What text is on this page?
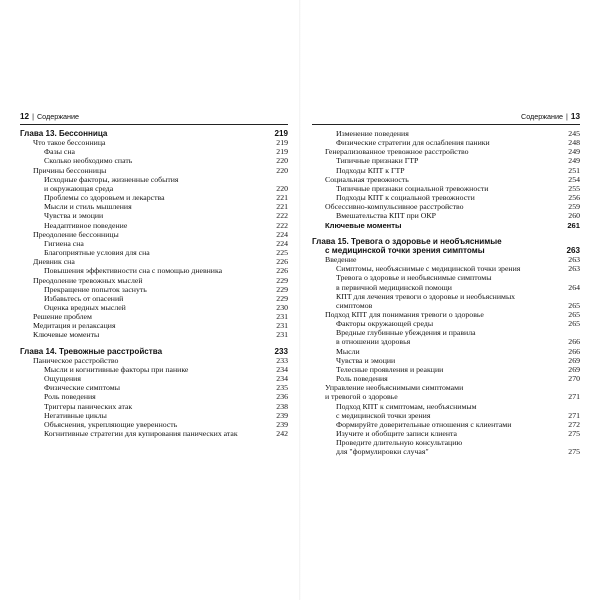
12 | Содержание
Глава 13. Бессонница	219
Что такое бессонница	219
Фазы сна	219
Сколько необходимо спать	220
Причины бессонницы	220
Исходные факторы, жизненные события
и окружающая среда	220
Проблемы со здоровьем и лекарства	221
Мысли и стиль мышления	221
Чувства и эмоции	222
Неадаптивное поведение	222
Преодоление бессонницы	224
Гигиена сна	224
Благоприятные условия для сна	225
Дневник сна	226
Повышения эффективности сна с помощью дневника	226
Преодоление тревожных мыслей	229
Прекращение попыток заснуть	229
Избавьтесь от опасений	229
Оценка вредных мыслей	230
Решение проблем	231
Медитация и релаксация	231
Ключевые моменты	231
Глава 14. Тревожные расстройства	233
Паническое расстройство	233
Мысли и когнитивные факторы при панике	234
Ощущения	234
Физические симптомы	235
Роль поведения	236
Триггеры панических атак	238
Негативные циклы	239
Объяснения, укрепляющие уверенность	239
Когнитивные стратегии для купирования панических атак	242
Содержание | 13
Изменение поведения	245
Физические стратегии для ослабления паники	248
Генерализованное тревожное расстройство	249
Типичные признаки ГТР	249
Подходы КПТ к ГТР	251
Социальная тревожность	254
Типичные признаки социальной тревожности	255
Подходы КПТ к социальной тревожности	256
Обсессивно-компульсивное расстройство	259
Вмешательства КПТ при ОКР	260
Ключевые моменты	261
Глава 15. Тревога о здоровье и необъяснимые
с медицинской точки зрения симптомы	263
Введение	263
Симптомы, необъяснимые с медицинской точки зрения	263
Тревога о здоровье и необъяснимые симптомы
в первичной медицинской помощи	264
КПТ для лечения тревоги о здоровье и необъяснимых
симптомов	265
Подход КПТ для понимания тревоги о здоровье	265
Факторы окружающей среды	265
Вредные глубинные убеждения и правила
в отношении здоровья	266
Мысли	266
Чувства и эмоции	269
Телесные проявления и реакции	269
Роль поведения	270
Управление необъяснимыми симптомами
и тревогой о здоровье	271
Подход КПТ к симптомам, необъяснимым
с медицинской точки зрения	271
Формируйте доверительные отношения с клиентами	272
Изучите и обобщите записи клиента	275
Проведите длительную консультацию
для "формулировки случая"	275
